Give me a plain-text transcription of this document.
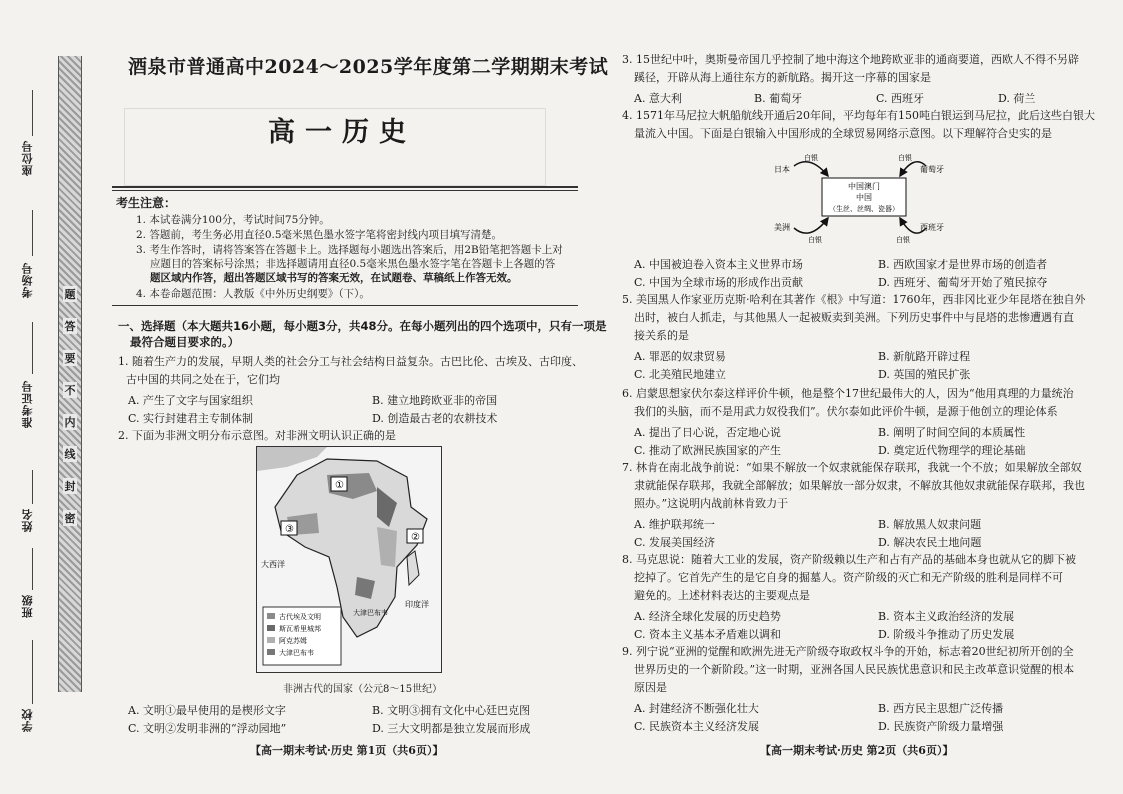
座位号
考场号
准考证号
姓名
班级
学校
题
答
要
不
内
线
封
密
酒泉市普通高中2024～2025学年度第二学期期末考试
高一历史
考生注意：
1. 本试卷满分100分，考试时间75分钟。
2. 答题前，考生务必用直径0.5毫米黑色墨水签字笔将密封线内项目填写清楚。
3. 考生作答时，请将答案答在答题卡上。选择题每小题选出答案后，用2B铅笔把答题卡上对
应题目的答案标号涂黑；非选择题请用直径0.5毫米黑色墨水签字笔在答题卡上各题的答
题区域内作答，超出答题区域书写的答案无效，在试题卷、草稿纸上作答无效。
4. 本卷命题范围：人教版《中外历史纲要》（下）。
一、选择题（本大题共16小题，每小题3分，共48分。在每小题列出的四个选项中，只有一项是
最符合题目要求的。）
1. 随着生产力的发展，早期人类的社会分工与社会结构日益复杂。古巴比伦、古埃及、古印度、
古中国的共同之处在于，它们均
A. 产生了文字与国家组织	B. 建立地跨欧亚非的帝国
C. 实行封建君主专制体制	D. 创造最古老的农耕技术
2. 下面为非洲文明分布示意图。对非洲文明认识正确的是
古代埃及文明
斯瓦希里城邦
阿克苏姆
大津巴布韦
大西洋
印度洋
大津巴布韦
①
②
③
非洲古代的国家（公元8～15世纪）
A. 文明①最早使用的是楔形文字	B. 文明③拥有文化中心廷巴克图
C. 文明②发明非洲的“浮动园地”	D. 三大文明都是独立发展而形成
【高一期末考试·历史 第1页（共6页）】
3. 15世纪中叶，奥斯曼帝国几乎控制了地中海这个地跨欧亚非的通商要道，西欧人不得不另辟
蹊径，开辟从海上通往东方的新航路。揭开这一序幕的国家是
A. 意大利	B. 葡萄牙	C. 西班牙	D. 荷兰
4. 1571年马尼拉大帆船航线开通后20年间，平均每年有150吨白银运到马尼拉，此后这些白银大
量流入中国。下面是白银输入中国形成的全球贸易网络示意图。以下理解符合史实的是
中国澳门
中国
（生丝、丝绸、瓷器）
日本	葡萄牙
美洲	西班牙
白银	白银
白银	白银
A. 中国被迫卷入资本主义世界市场	B. 西欧国家才是世界市场的创造者
C. 中国为全球市场的形成作出贡献	D. 西班牙、葡萄牙开始了殖民掠夺
5. 美国黑人作家亚历克斯·哈利在其著作《根》中写道：1760年，西非冈比亚少年昆塔在独自外
出时，被白人抓走，与其他黑人一起被贩卖到美洲。下列历史事件中与昆塔的悲惨遭遇有直
接关系的是
A. 罪恶的奴隶贸易	B. 新航路开辟过程
C. 北美殖民地建立	D. 英国的殖民扩张
6. 启蒙思想家伏尔泰这样评价牛顿，他是整个17世纪最伟大的人，因为“他用真理的力量统治
我们的头脑，而不是用武力奴役我们”。伏尔泰如此评价牛顿，是源于他创立的理论体系
A. 提出了日心说，否定地心说	B. 阐明了时间空间的本质属性
C. 推动了欧洲民族国家的产生	D. 奠定近代物理学的理论基础
7. 林肯在南北战争前说：“如果不解放一个奴隶就能保存联邦，我就一个不放；如果解放全部奴
隶就能保存联邦，我就全部解放；如果解放一部分奴隶，不解放其他奴隶就能保存联邦，我也
照办。”这说明内战前林肯致力于
A. 维护联邦统一	B. 解放黑人奴隶问题
C. 发展美国经济	D. 解决农民土地问题
8. 马克思说：随着大工业的发展，资产阶级赖以生产和占有产品的基础本身也就从它的脚下被
挖掉了。它首先产生的是它自身的掘墓人。资产阶级的灭亡和无产阶级的胜利是同样不可
避免的。上述材料表达的主要观点是
A. 经济全球化发展的历史趋势	B. 资本主义政治经济的发展
C. 资本主义基本矛盾难以调和	D. 阶级斗争推动了历史发展
9. 列宁说“亚洲的觉醒和欧洲先进无产阶级夺取政权斗争的开始，标志着20世纪初所开创的全
世界历史的一个新阶段。”这一时期，亚洲各国人民民族忧患意识和民主改革意识觉醒的根本
原因是
A. 封建经济不断强化壮大	B. 西方民主思想广泛传播
C. 民族资本主义经济发展	D. 民族资产阶级力量增强
【高一期末考试·历史 第2页（共6页）】
